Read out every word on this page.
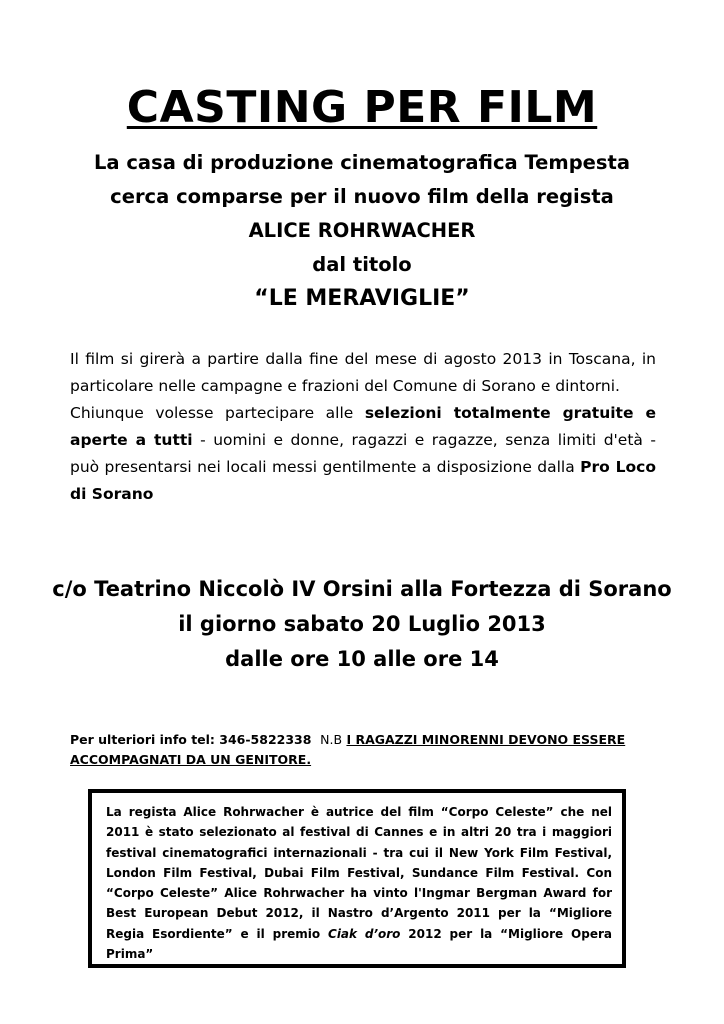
CASTING PER FILM
La casa di produzione cinematografica Tempesta
cerca comparse per il nuovo film della regista
ALICE ROHRWACHER
dal titolo
“LE MERAVIGLIE”

Il film si girerà a partire dalla fine del mese di agosto 2013 in Toscana, in particolare nelle campagne e frazioni del Comune di Sorano e dintorni.

Chiunque volesse partecipare alle selezioni totalmente gratuite e aperte a tutti - uomini e donne, ragazzi e ragazze, senza limiti d'età - può presentarsi nei locali messi gentilmente a disposizione dalla Pro Loco di Sorano

c/o Teatrino Niccolò IV Orsini alla Fortezza di Sorano
il giorno sabato 20 Luglio 2013
dalle ore 10 alle ore 14
Per ulteriori info tel: 346-5822338 N.B I RAGAZZI MINORENNI DEVONO ESSERE ACCOMPAGNATI DA UN GENITORE.
La regista Alice Rohrwacher è autrice del film “Corpo Celeste” che nel 2011 è stato selezionato al festival di Cannes e in altri 20 tra i maggiori festival cinematografici internazionali - tra cui il New York Film Festival, London Film Festival, Dubai Film Festival, Sundance Film Festival. Con “Corpo Celeste” Alice Rohrwacher ha vinto l'Ingmar Bergman Award for Best European Debut 2012, il Nastro d’Argento 2011 per la “Migliore Regia Esordiente” e il premio Ciak d’oro 2012 per la “Migliore Opera Prima”
